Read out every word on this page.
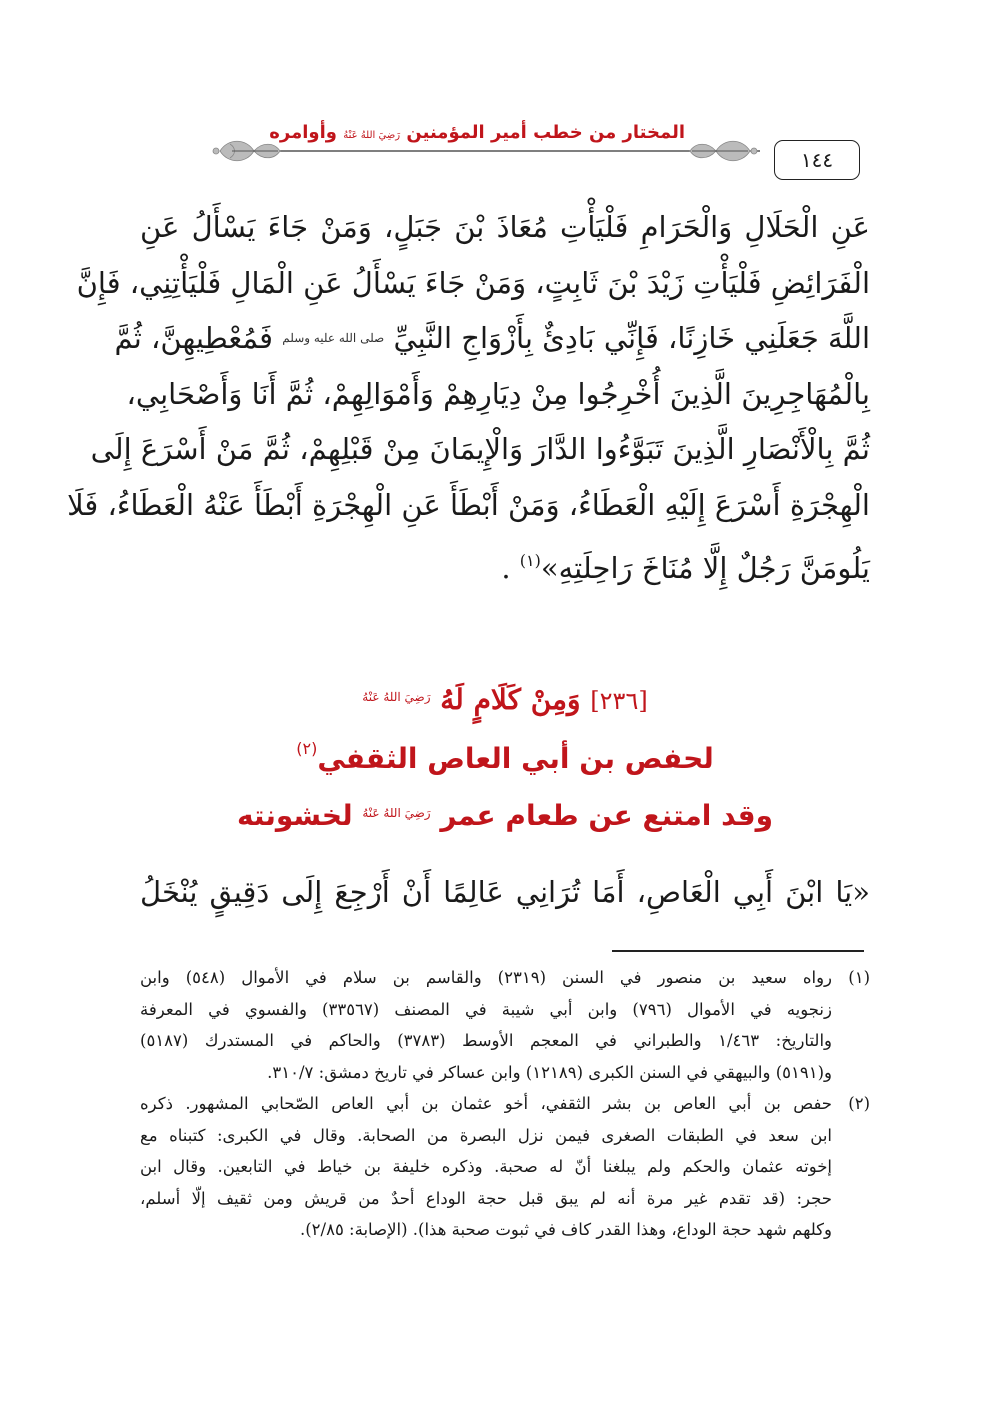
المختار من خطب أمير المؤمنين رَضِيَ اللهُ عَنْهُ وأوامره
١٤٤
عَنِ الْحَلَالِ وَالْحَرَامِ فَلْيَأْتِ مُعَاذَ بْنَ جَبَلٍ، وَمَنْ جَاءَ يَسْأَلُ عَنِ
الْفَرَائِضِ فَلْيَأْتِ زَيْدَ بْنَ ثَابِتٍ، وَمَنْ جَاءَ يَسْأَلُ عَنِ الْمَالِ فَلْيَأْتِنِي، فَإِنَّ
اللَّهَ جَعَلَنِي خَازِنًا، فَإِنِّي بَادِئٌ بِأَزْوَاجِ النَّبِيِّ $^{صلى الله عليه وسلم}$ فَمُعْطِيهِنَّ، ثُمَّ
بِالْمُهَاجِرِينَ الَّذِينَ أُخْرِجُوا مِنْ دِيَارِهِمْ وَأَمْوَالِهِمْ، ثُمَّ أَنَا وَأَصْحَابِي،
ثُمَّ بِالْأَنْصَارِ الَّذِينَ تَبَوَّءُوا الدَّارَ وَالْإِيمَانَ مِنْ قَبْلِهِمْ، ثُمَّ مَنْ أَسْرَعَ إِلَى
الْهِجْرَةِ أَسْرَعَ إِلَيْهِ الْعَطَاءُ، وَمَنْ أَبْطَأَ عَنِ الْهِجْرَةِ أَبْطَأَ عَنْهُ الْعَطَاءُ، فَلَا
يَلُومَنَّ رَجُلٌ إِلَّا مُنَاخَ رَاحِلَتِهِ»$^{(١)}$ .
[٢٣٦] وَمِنْ كَلَامٍ لَهُ $^{رَضِيَ اللهُ عَنْهُ}$
لحفص بن أبي العاص الثقفي$^{(٢)}$
وقد امتنع عن طعام عمر $^{رَضِيَ اللهُ عَنْهُ}$ لخشونته
«يَا ابْنَ أَبِي الْعَاصِ، أَمَا تُرَانِي عَالِمًا أَنْ أَرْجِعَ إِلَى دَقِيقٍ يُنْخَلُ
(١)
رواه سعيد بن منصور في السنن (٢٣١٩) والقاسم بن سلام في الأموال (٥٤٨) وابن
زنجويه في الأموال (٧٩٦) وابن أبي شيبة في المصنف (٣٣٥٦٧) والفسوي في المعرفة
والتاريخ: ١/٤٦٣ والطبراني في المعجم الأوسط (٣٧٨٣) والحاكم في المستدرك (٥١٨٧)
و(٥١٩١) والبيهقي في السنن الكبرى (١٢١٨٩) وابن عساكر في تاريخ دمشق: ٣١٠/٧.
(٢)
حفص بن أبي العاص بن بشر الثقفي، أخو عثمان بن أبي العاص الصّحابي المشهور. ذكره
ابن سعد في الطبقات الصغرى فيمن نزل البصرة من الصحابة. وقال في الكبرى: كتبناه مع
إخوته عثمان والحكم ولم يبلغنا أنّ له صحبة. وذكره خليفة بن خياط في التابعين. وقال ابن
حجر: (قد تقدم غير مرة أنه لم يبق قبل حجة الوداع أحدٌ من قريش ومن ثقيف إلّا أسلم،
وكلهم شهد حجة الوداع، وهذا القدر كاف في ثبوت صحبة هذا). (الإصابة: ٢/٨٥).
